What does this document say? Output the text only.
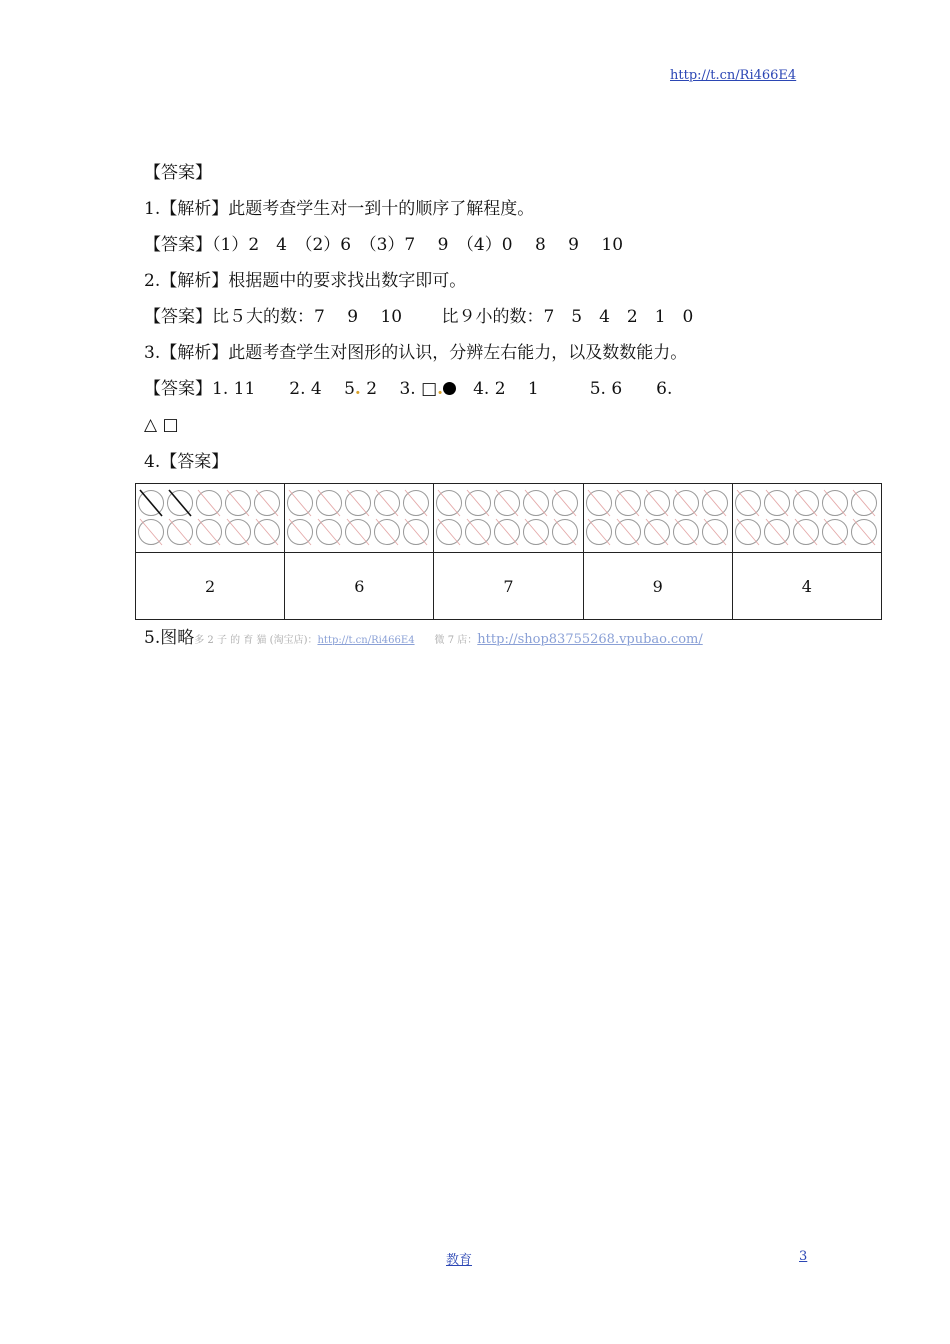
http://t.cn/Ri466E4
【答案】
1.【解析】此题考查学生对一到十的顺序了解程度。
【答案】（1）2　4　（2）6　（3）7　 9　（4）0　 8　 9　 10
2.【解析】根据题中的要求找出数字即可。
【答案】比５大的数：7　 9　 10　　 比９小的数：7　5　4　2　1　0
3.【解析】此题考查学生对图形的认识，分辨左右能力，以及数数能力。
【答案】1. 11　　2. 4　 5. 2　 3. □.　4. 2　 1　　　5. 6　　6.
△ □
4.【答案】

2	6	7	9	4
5.图略多 2 子 的 育 猫 (淘宝店)：http://t.cn/Ri466E4　　微 7 店：http://shop83755268.vpubao.com/
教育	3
